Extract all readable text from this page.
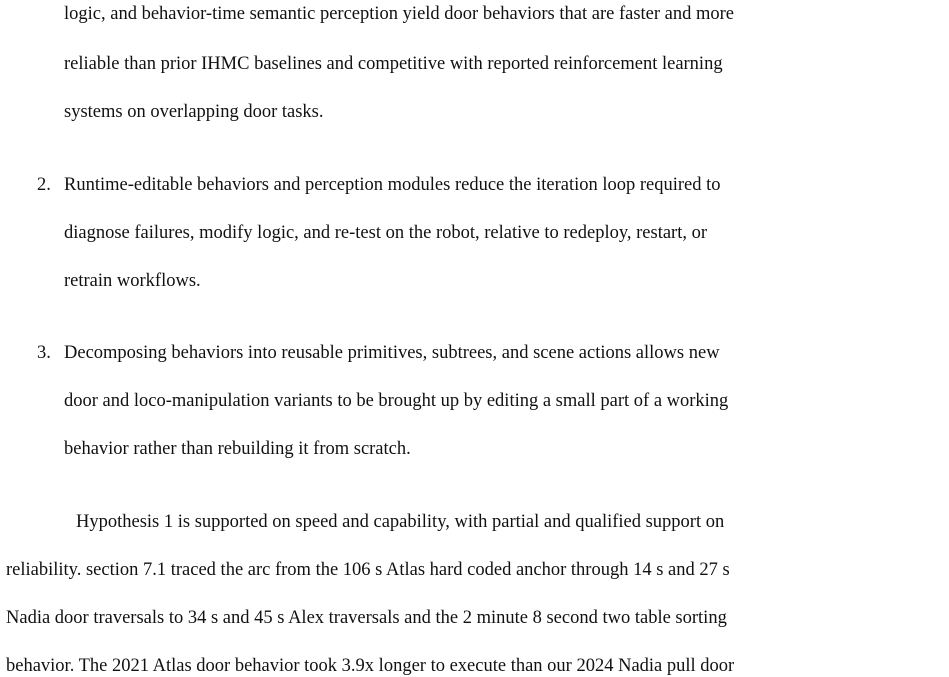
logic, and behavior-time semantic perception yield door behaviors that are faster and more
reliable than prior IHMC baselines and competitive with reported reinforcement learning
systems on overlapping door tasks.
2. Runtime-editable behaviors and perception modules reduce the iteration loop required to
diagnose failures, modify logic, and re-test on the robot, relative to redeploy, restart, or
retrain workflows.
3. Decomposing behaviors into reusable primitives, subtrees, and scene actions allows new
door and loco-manipulation variants to be brought up by editing a small part of a working
behavior rather than rebuilding it from scratch.
Hypothesis 1 is supported on speed and capability, with partial and qualified support on
reliability. section 7.1 traced the arc from the 106 s Atlas hard coded anchor through 14 s and 27 s
Nadia door traversals to 34 s and 45 s Alex traversals and the 2 minute 8 second two table sorting
behavior. The 2021 Atlas door behavior took 3.9x longer to execute than our 2024 Nadia pull door
